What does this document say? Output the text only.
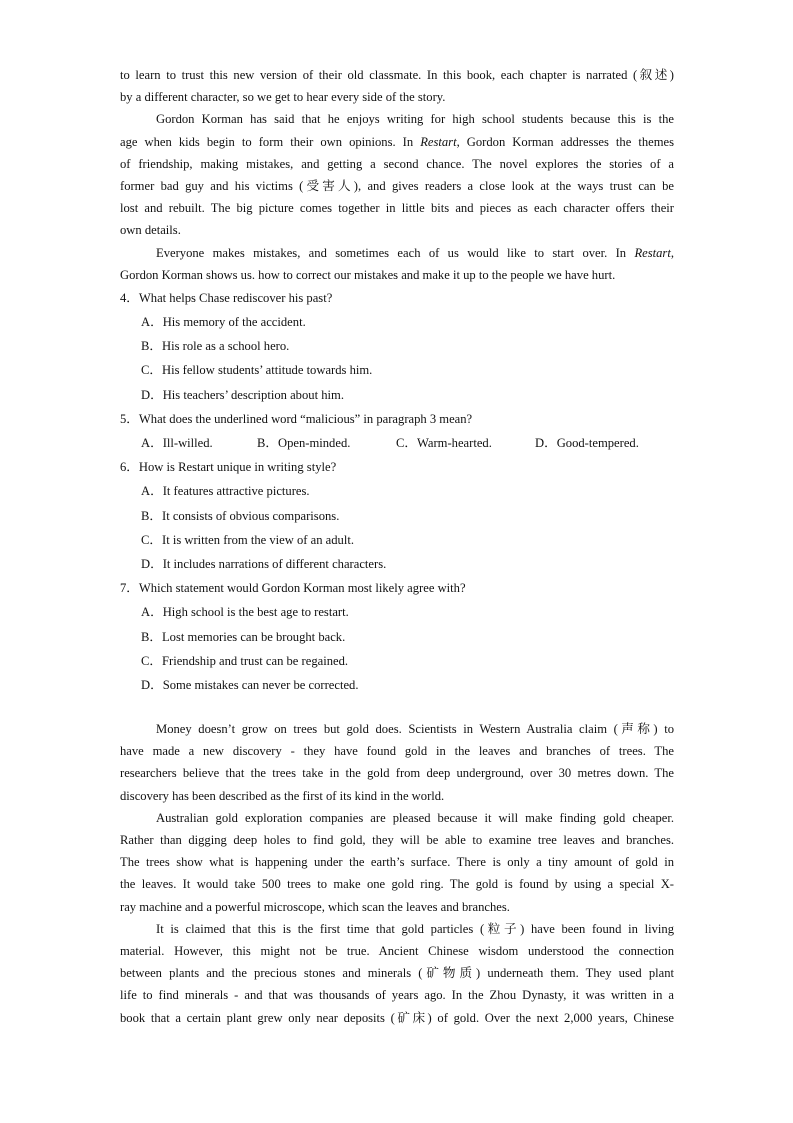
to learn to trust this new version of their old classmate. In this book, each chapter is narrated (叙述)
by a different character, so we get to hear every side of the story.
Gordon Korman has said that he enjoys writing for high school students because this is the
age when kids begin to form their own opinions. In Restart, Gordon Korman addresses the themes
of friendship, making mistakes, and getting a second chance. The novel explores the stories of a
former bad guy and his victims (受害人), and gives readers a close look at the ways trust can be
lost and rebuilt. The big picture comes together in little bits and pieces as each character offers their
own details.
Everyone makes mistakes, and sometimes each of us would like to start over. In Restart,
Gordon Korman shows us. how to correct our mistakes and make it up to the people we have hurt.
4．What helps Chase rediscover his past?
A．His memory of the accident.
B．His role as a school hero.
C．His fellow students’ attitude towards him.
D．His teachers’ description about him.
5．What does the underlined word “malicious” in paragraph 3 mean?
A．Ill-willed.	B．Open-minded.	C．Warm-hearted.	D．Good-tempered.
6．How is Restart unique in writing style?
A．It features attractive pictures.
B．It consists of obvious comparisons.
C．It is written from the view of an adult.
D．It includes narrations of different characters.
7．Which statement would Gordon Korman most likely agree with?
A．High school is the best age to restart.
B．Lost memories can be brought back.
C．Friendship and trust can be regained.
D．Some mistakes can never be corrected.
Money doesn’t grow on trees but gold does. Scientists in Western Australia claim (声称) to
have made a new discovery - they have found gold in the leaves and branches of trees. The
researchers believe that the trees take in the gold from deep underground, over 30 metres down. The
discovery has been described as the first of its kind in the world.
Australian gold exploration companies are pleased because it will make finding gold cheaper.
Rather than digging deep holes to find gold, they will be able to examine tree leaves and branches.
The trees show what is happening under the earth’s surface. There is only a tiny amount of gold in
the leaves. It would take 500 trees to make one gold ring. The gold is found by using a special X-
ray machine and a powerful microscope, which scan the leaves and branches.
It is claimed that this is the first time that gold particles (粒子) have been found in living
material. However, this might not be true. Ancient Chinese wisdom understood the connection
between plants and the precious stones and minerals (矿物质) underneath them. They used plant
life to find minerals - and that was thousands of years ago. In the Zhou Dynasty, it was written in a
book that a certain plant grew only near deposits (矿床) of gold. Over the next 2,000 years, Chinese
